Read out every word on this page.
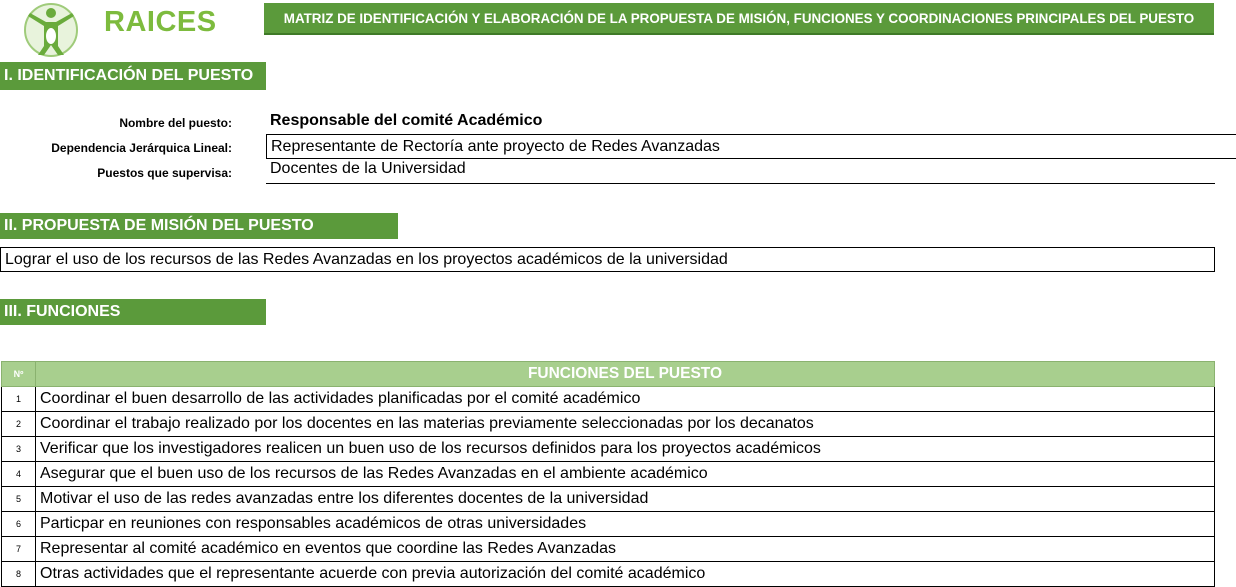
RAICES	MATRIZ DE IDENTIFICACIÓN Y ELABORACIÓN DE LA PROPUESTA DE MISIÓN, FUNCIONES Y COORDINACIONES PRINCIPALES DEL PUESTO
I. IDENTIFICACIÓN DEL PUESTO
Nombre del puesto: Responsable del comité Académico
Dependencia Jerárquica Lineal:	Representante de Rectoría ante proyecto de Redes Avanzadas
Puestos que supervisa: Docentes de la Universidad
II. PROPUESTA DE MISIÓN DEL PUESTO
Lograr el uso de los recursos de las Redes Avanzadas en los proyectos académicos de la universidad
III. FUNCIONES
Nº	FUNCIONES DEL PUESTO
1	Coordinar el buen desarrollo de las actividades planificadas por el comité académico
2	Coordinar el trabajo realizado por los docentes en las materias previamente seleccionadas por los decanatos
3	Verificar que los investigadores realicen un buen uso de los recursos definidos para los proyectos académicos
4	Asegurar que el buen uso de los recursos de las Redes Avanzadas en el ambiente académico
5	Motivar el uso de las redes avanzadas entre los diferentes docentes de la universidad
6	Particpar en reuniones con responsables académicos de otras universidades
7	Representar al comité académico en eventos que coordine las Redes Avanzadas
8	Otras actividades que el representante acuerde con previa autorización del comité académico
